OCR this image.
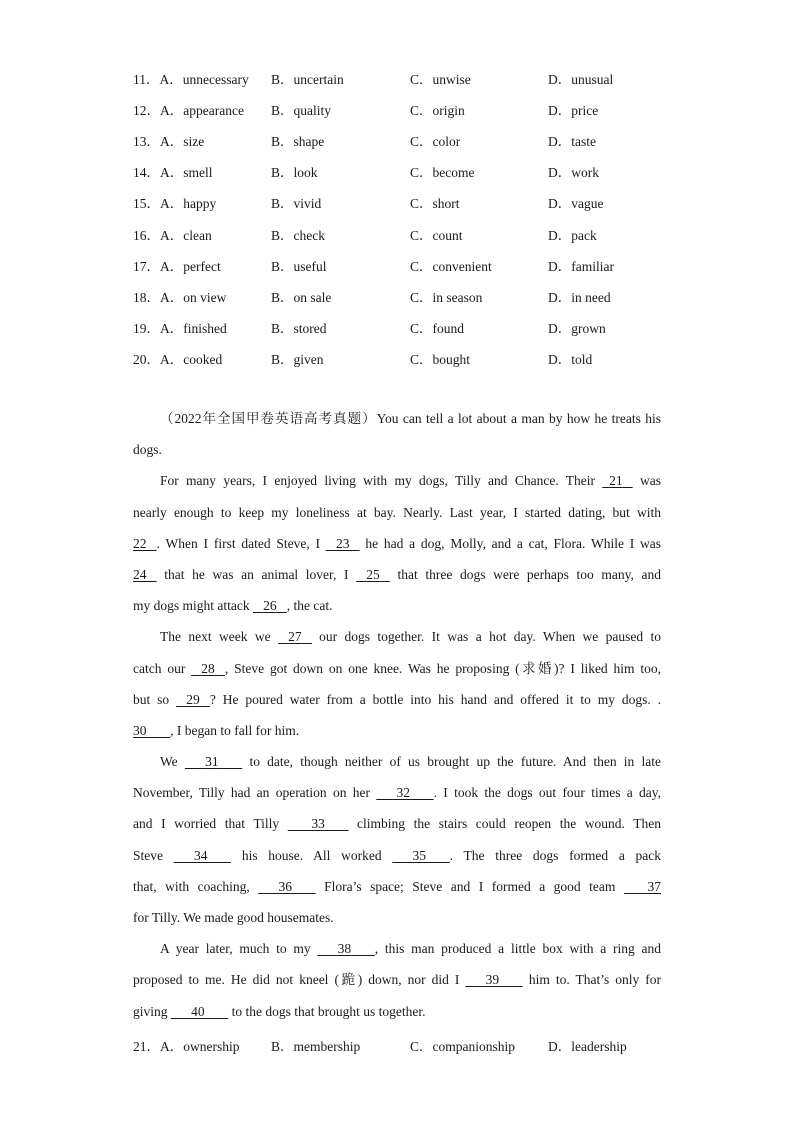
11．A．unnecessary B．uncertain	C．unwise	D．unusual
12．A．appearance B．quality	C．origin	D．price
13．A．size	B．shape	C．color	D．taste
14．A．smell	B．look	C．become	D．work
15．A．happy	B．vivid	C．short	D．vague
16．A．clean	B．check	C．count	D．pack
17．A．perfect	B．useful	C．convenient	D．familiar
18．A．on view	B．on sale	C．in season	D．in need
19．A．finished	B．stored	C．found	D．grown
20．A．cooked	B．given	C．bought	D．told
（2022年全国甲卷英语高考真题）You can tell a lot about a man by how he treats his
dogs.
For many years, I enjoyed living with my dogs, Tilly and Chance. Their 21 was
nearly enough to keep my loneliness at bay. Nearly. Last year, I started dating, but with
22 . When I first dated Steve, I 23 he had a dog, Molly, and a cat, Flora. While I was
24 that he was an animal lover, I 25 that three dogs were perhaps too many, and
my dogs might attack 26 , the cat.
The next week we 27 our dogs together. It was a hot day. When we paused to
catch our 28 , Steve got down on one knee. Was he proposing (求婚)? I liked him too,
but so 29 ? He poured water from a bottle into his hand and offered it to my dogs. .
30 , I began to fall for him.
We 31 to date, though neither of us brought up the future. And then in late
November, Tilly had an operation on her 32 . I took the dogs out four times a day,
and I worried that Tilly 33 climbing the stairs could reopen the wound. Then
Steve 34	his house. All worked 35 . The three dogs formed a pack
that, with coaching, 36 Flora’s space; Steve and I formed a good team 37
for Tilly. We made good housemates.
A year later, much to my 38 , this man produced a little box with a ring and
proposed to me. He did not kneel (跪) down, nor did I 39 him to. That’s only for
giving 40 to the dogs that brought us together.
21．A．ownership B．membership	C．companionship D．leadership
